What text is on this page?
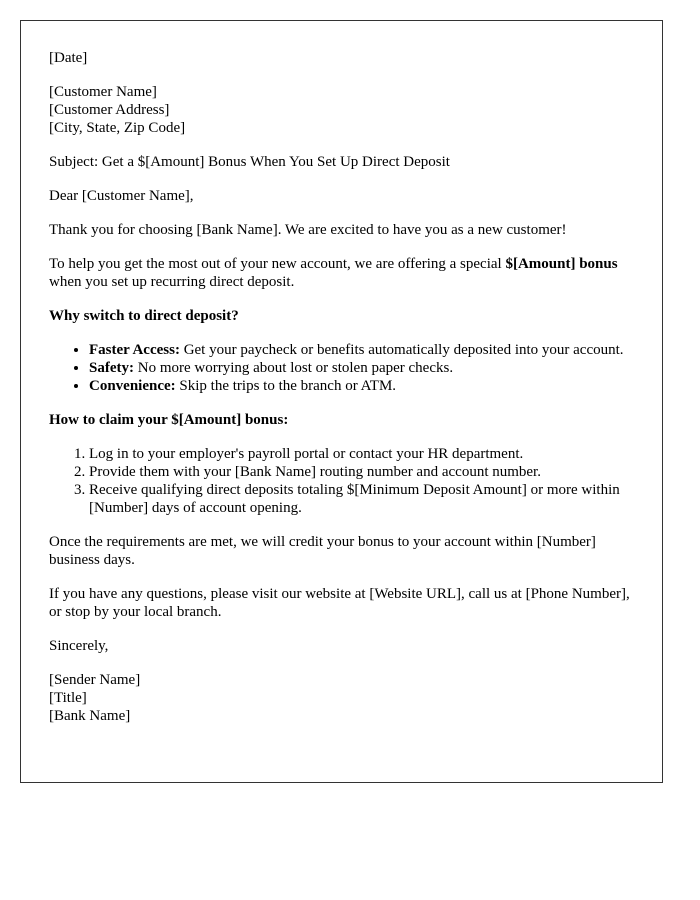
[Date]

[Customer Name]
[Customer Address]
[City, State, Zip Code]

Subject: Get a $[Amount] Bonus When You Set Up Direct Deposit

Dear [Customer Name],

Thank you for choosing [Bank Name]. We are excited to have you as a new customer!

To help you get the most out of your new account, we are offering a special $[Amount] bonus when you set up recurring direct deposit.

Why switch to direct deposit?

• Faster Access: Get your paycheck or benefits automatically deposited into your account.
• Safety: No more worrying about lost or stolen paper checks.
• Convenience: Skip the trips to the branch or ATM.

How to claim your $[Amount] bonus:

1. Log in to your employer's payroll portal or contact your HR department.
2. Provide them with your [Bank Name] routing number and account number.
3. Receive qualifying direct deposits totaling $[Minimum Deposit Amount] or more within [Number] days of account opening.

Once the requirements are met, we will credit your bonus to your account within [Number] business days.

If you have any questions, please visit our website at [Website URL], call us at [Phone Number], or stop by your local branch.

Sincerely,

[Sender Name]
[Title]
[Bank Name]
